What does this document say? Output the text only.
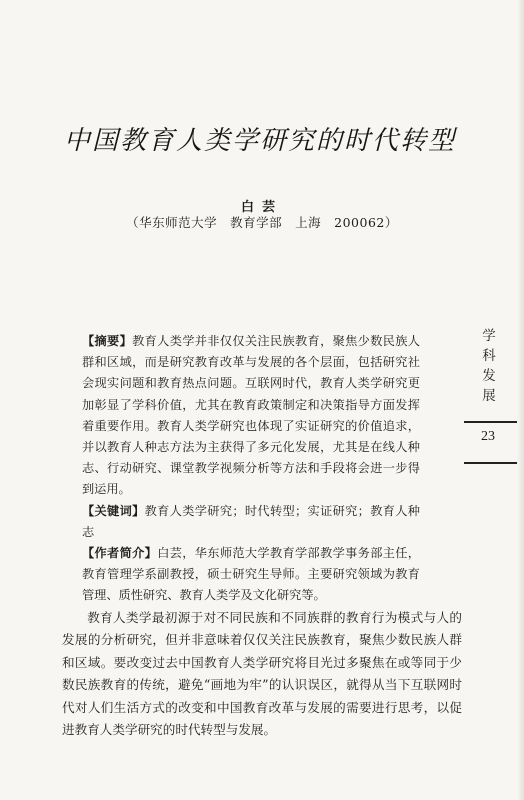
中国教育人类学研究的时代转型
白芸
（华东师范大学　教育学部　上海　200062）

【摘要】教育人类学并非仅仅关注民族教育，聚焦少数民族人群和区域，而是研究教育改革与发展的各个层面，包括研究社会现实问题和教育热点问题。互联网时代，教育人类学研究更加彰显了学科价值，尤其在教育政策制定和决策指导方面发挥着重要作用。教育人类学研究也体现了实证研究的价值追求，并以教育人种志方法为主获得了多元化发展，尤其是在线人种志、行动研究、课堂教学视频分析等方法和手段将会进一步得到运用。

【关键词】教育人类学研究；时代转型；实证研究；教育人种志

【作者简介】白芸，华东师范大学教育学部教学事务部主任，教育管理学系副教授，硕士研究生导师。主要研究领域为教育管理、质性研究、教育人类学及文化研究等。

教育人类学最初源于对不同民族和不同族群的教育行为模式与人的发展的分析研究，但并非意味着仅仅关注民族教育，聚焦少数民族人群和区域。要改变过去中国教育人类学研究将目光过多聚焦在或等同于少数民族教育的传统，避免“画地为牢”的认识误区，就得从当下互联网时代对人们生活方式的改变和中国教育改革与发展的需要进行思考，以促进教育人类学研究的时代转型与发展。

学科发展
23
